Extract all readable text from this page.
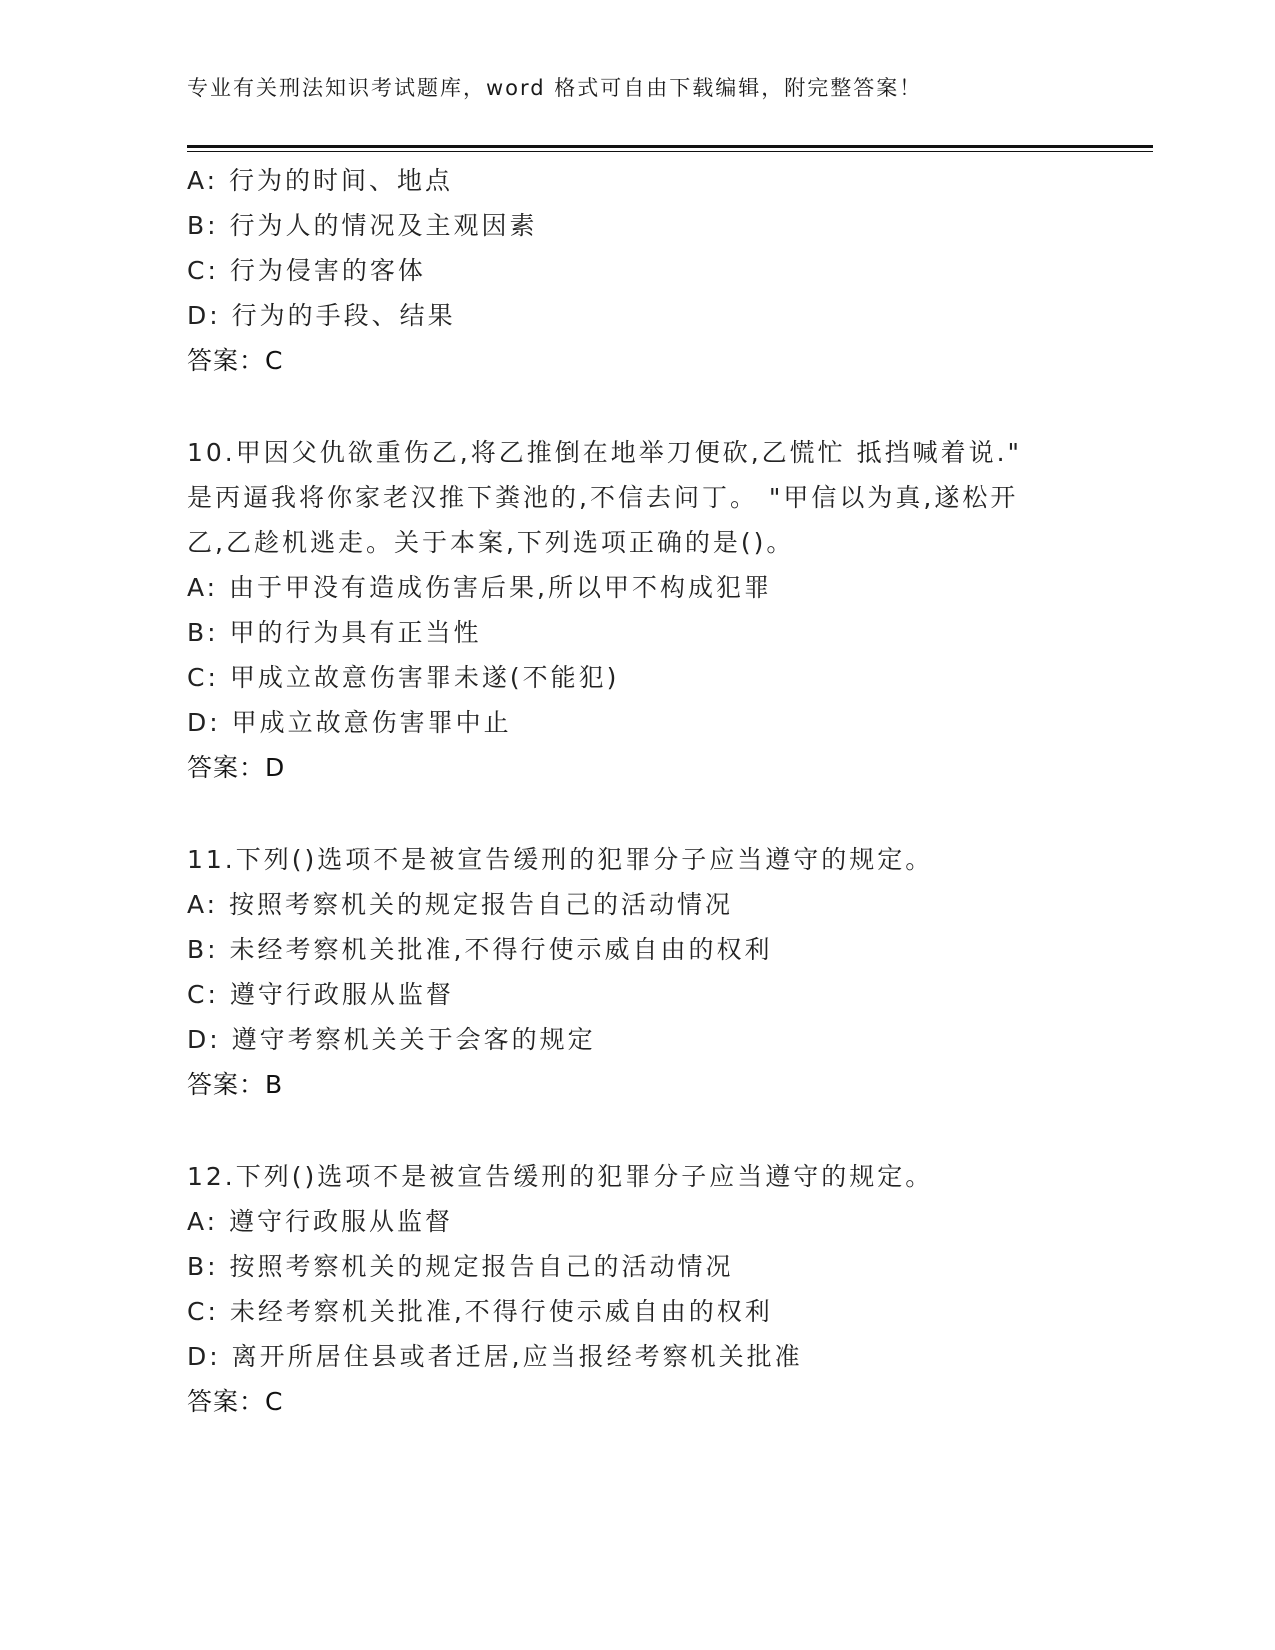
专业有关刑法知识考试题库，word 格式可自由下载编辑，附完整答案！
A: 行为的时间、地点
B: 行为人的情况及主观因素
C: 行为侵害的客体
D: 行为的手段、结果
答案：C
10.甲因父仇欲重伤乙,将乙推倒在地举刀便砍,乙慌忙 抵挡喊着说."
是丙逼我将你家老汉推下粪池的,不信去问丁。 "甲信以为真,遂松开
乙,乙趁机逃走。关于本案,下列选项正确的是()。
A: 由于甲没有造成伤害后果,所以甲不构成犯罪
B: 甲的行为具有正当性
C: 甲成立故意伤害罪未遂(不能犯)
D: 甲成立故意伤害罪中止
答案：D
11.下列()选项不是被宣告缓刑的犯罪分子应当遵守的规定。
A: 按照考察机关的规定报告自己的活动情况
B: 未经考察机关批准,不得行使示威自由的权利
C: 遵守行政服从监督
D: 遵守考察机关关于会客的规定
答案：B
12.下列()选项不是被宣告缓刑的犯罪分子应当遵守的规定。
A: 遵守行政服从监督
B: 按照考察机关的规定报告自己的活动情况
C: 未经考察机关批准,不得行使示威自由的权利
D: 离开所居住县或者迁居,应当报经考察机关批准
答案：C
